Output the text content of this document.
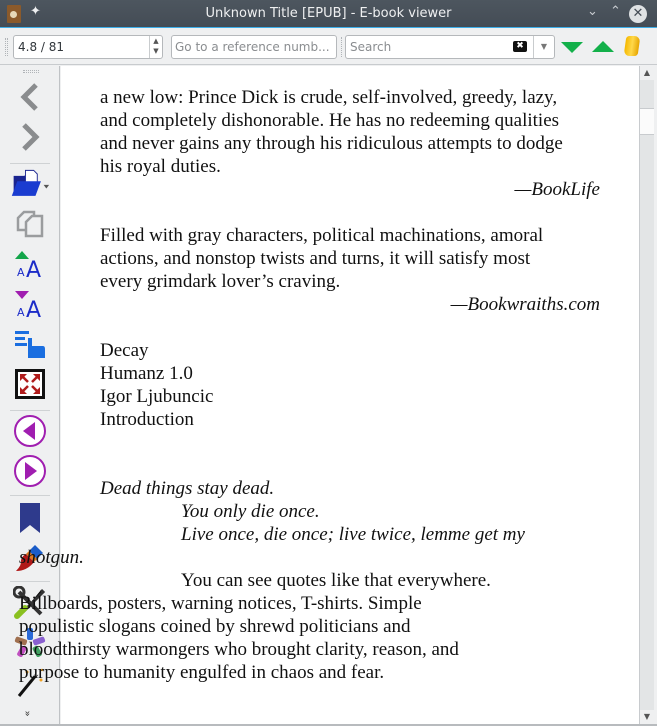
✦	Unknown Title [EPUB] - E-book viewer	⌄ ⌃ ✕
4.8 / 81	▲
▼	Go to a reference numb...	Search	✖	▼
A A
A A
»

a new low: Prince Dick is crude, self-involved, greedy, lazy,
and completely dishonorable. He has no redeeming qualities
and never gains any through his ridiculous attempts to dodge
his royal duties.

—BookLife

Filled with gray characters, political machinations, amoral
actions, and nonstop twists and turns, it will satisfy most
every grimdark lover’s craving.

—Bookwraiths.com

Decay

Humanz 1.0

Igor Ljubuncic

Introduction

Dead things stay dead.

You only die once.

Live once, die once; live twice, lemme get my
shotgun.

You can see quotes like that everywhere.
Billboards, posters, warning notices, T-shirts. Simple
populistic slogans coined by shrewd politicians and
bloodthirsty warmongers who brought clarity, reason, and
purpose to humanity engulfed in chaos and fear.

▲
▼
